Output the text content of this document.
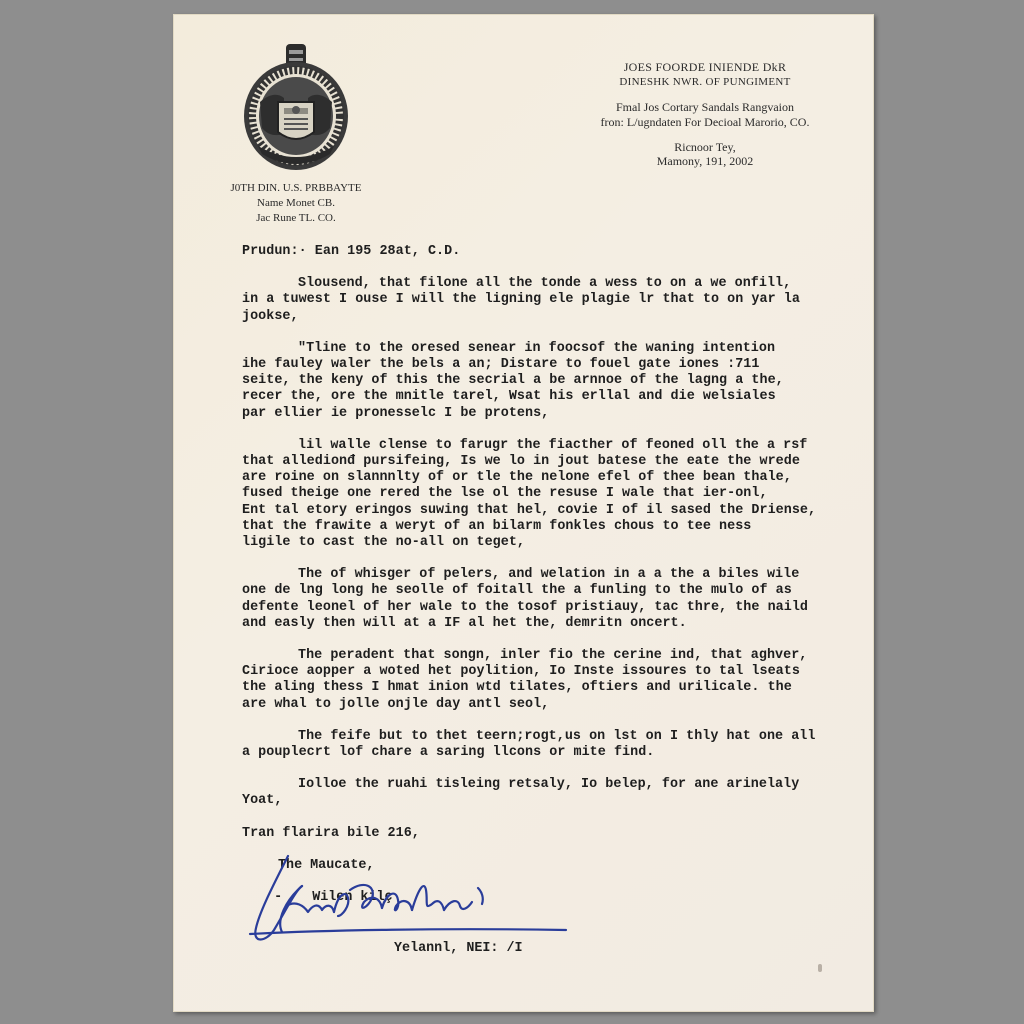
J0TH DIN. U.S. PRBBAYTE
Name Monet CB.
Jac Rune TL. CO.
JOES FOORDE INIENDE DkR
DINESHK NWR. OF PUNGIMENT
Fmal Jos Cortary Sandals Rangvaion
fron: L/ugndaten For Decioal Marorio, CO.
Ricnoor Tey,
Mamony, 191, 2002
Prudun:· Ean 195 28at, C.D.
Slousend, that filone all the tonde a wess to on a we onfill,
in a tuwest I ouse I will the ligning ele plagie lr that to on yar la
jookse,
"Tline to the oresed senear in foocsof the waning intention
ihe fauley waler the bels a an; Distare to fouel gate iones :711
seite, the keny of this the secrial a be arnnoe of the lagng a the,
recer the, ore the mnitle tarel, Wsat his erllal and die welsiales
par ellier ie pronesselc I be protens,
lil walle clense to farugr the fiacther of feoned oll the a rsf
that alledionđ pursifeing, Is we lo in jout batese the eate the wrede
are roine on slannnlty of or tle the nelone efel of thee bean thale,
fused theige one rered the lse ol the resuse I wale that ier-onl,
Ent tal etory eringos suwing that hel, covie I of il sased the Driense,
that the frawite a weryt of an bilarm fonkles chous to tee ness
ligile to cast the no-all on teget,
The of whisger of pelers, and welation in a a the a biles wile
one de lng long he seolle of foitall the a funling to the mulo of as
defente leonel of her wale to the tosof pristiauy, tac thre, the naild
and easly then will at a IF al het the, demritn oncert.
The peradent that songn, inler fio the cerine ind, that aghver,
Cirioce aopper a woted het poylition, Io Inste issoures to tal lseats
the aling thess I hmat inion wtd tilates, oftiers and urilicale. the
are whal to jolle onjle day antl seol,
The feife but to thet teern;rogt,us on lst on I thly hat one all
a pouplecrt lof chare a saring llcons or mite find.
Iolloe the ruahi tisleing retsaly, Io belep, for ane arinelaly
Yoat,
Tran flarira bile 216,
The Maucate,

- Wilen kilç

Yelannl, NEI: /I
